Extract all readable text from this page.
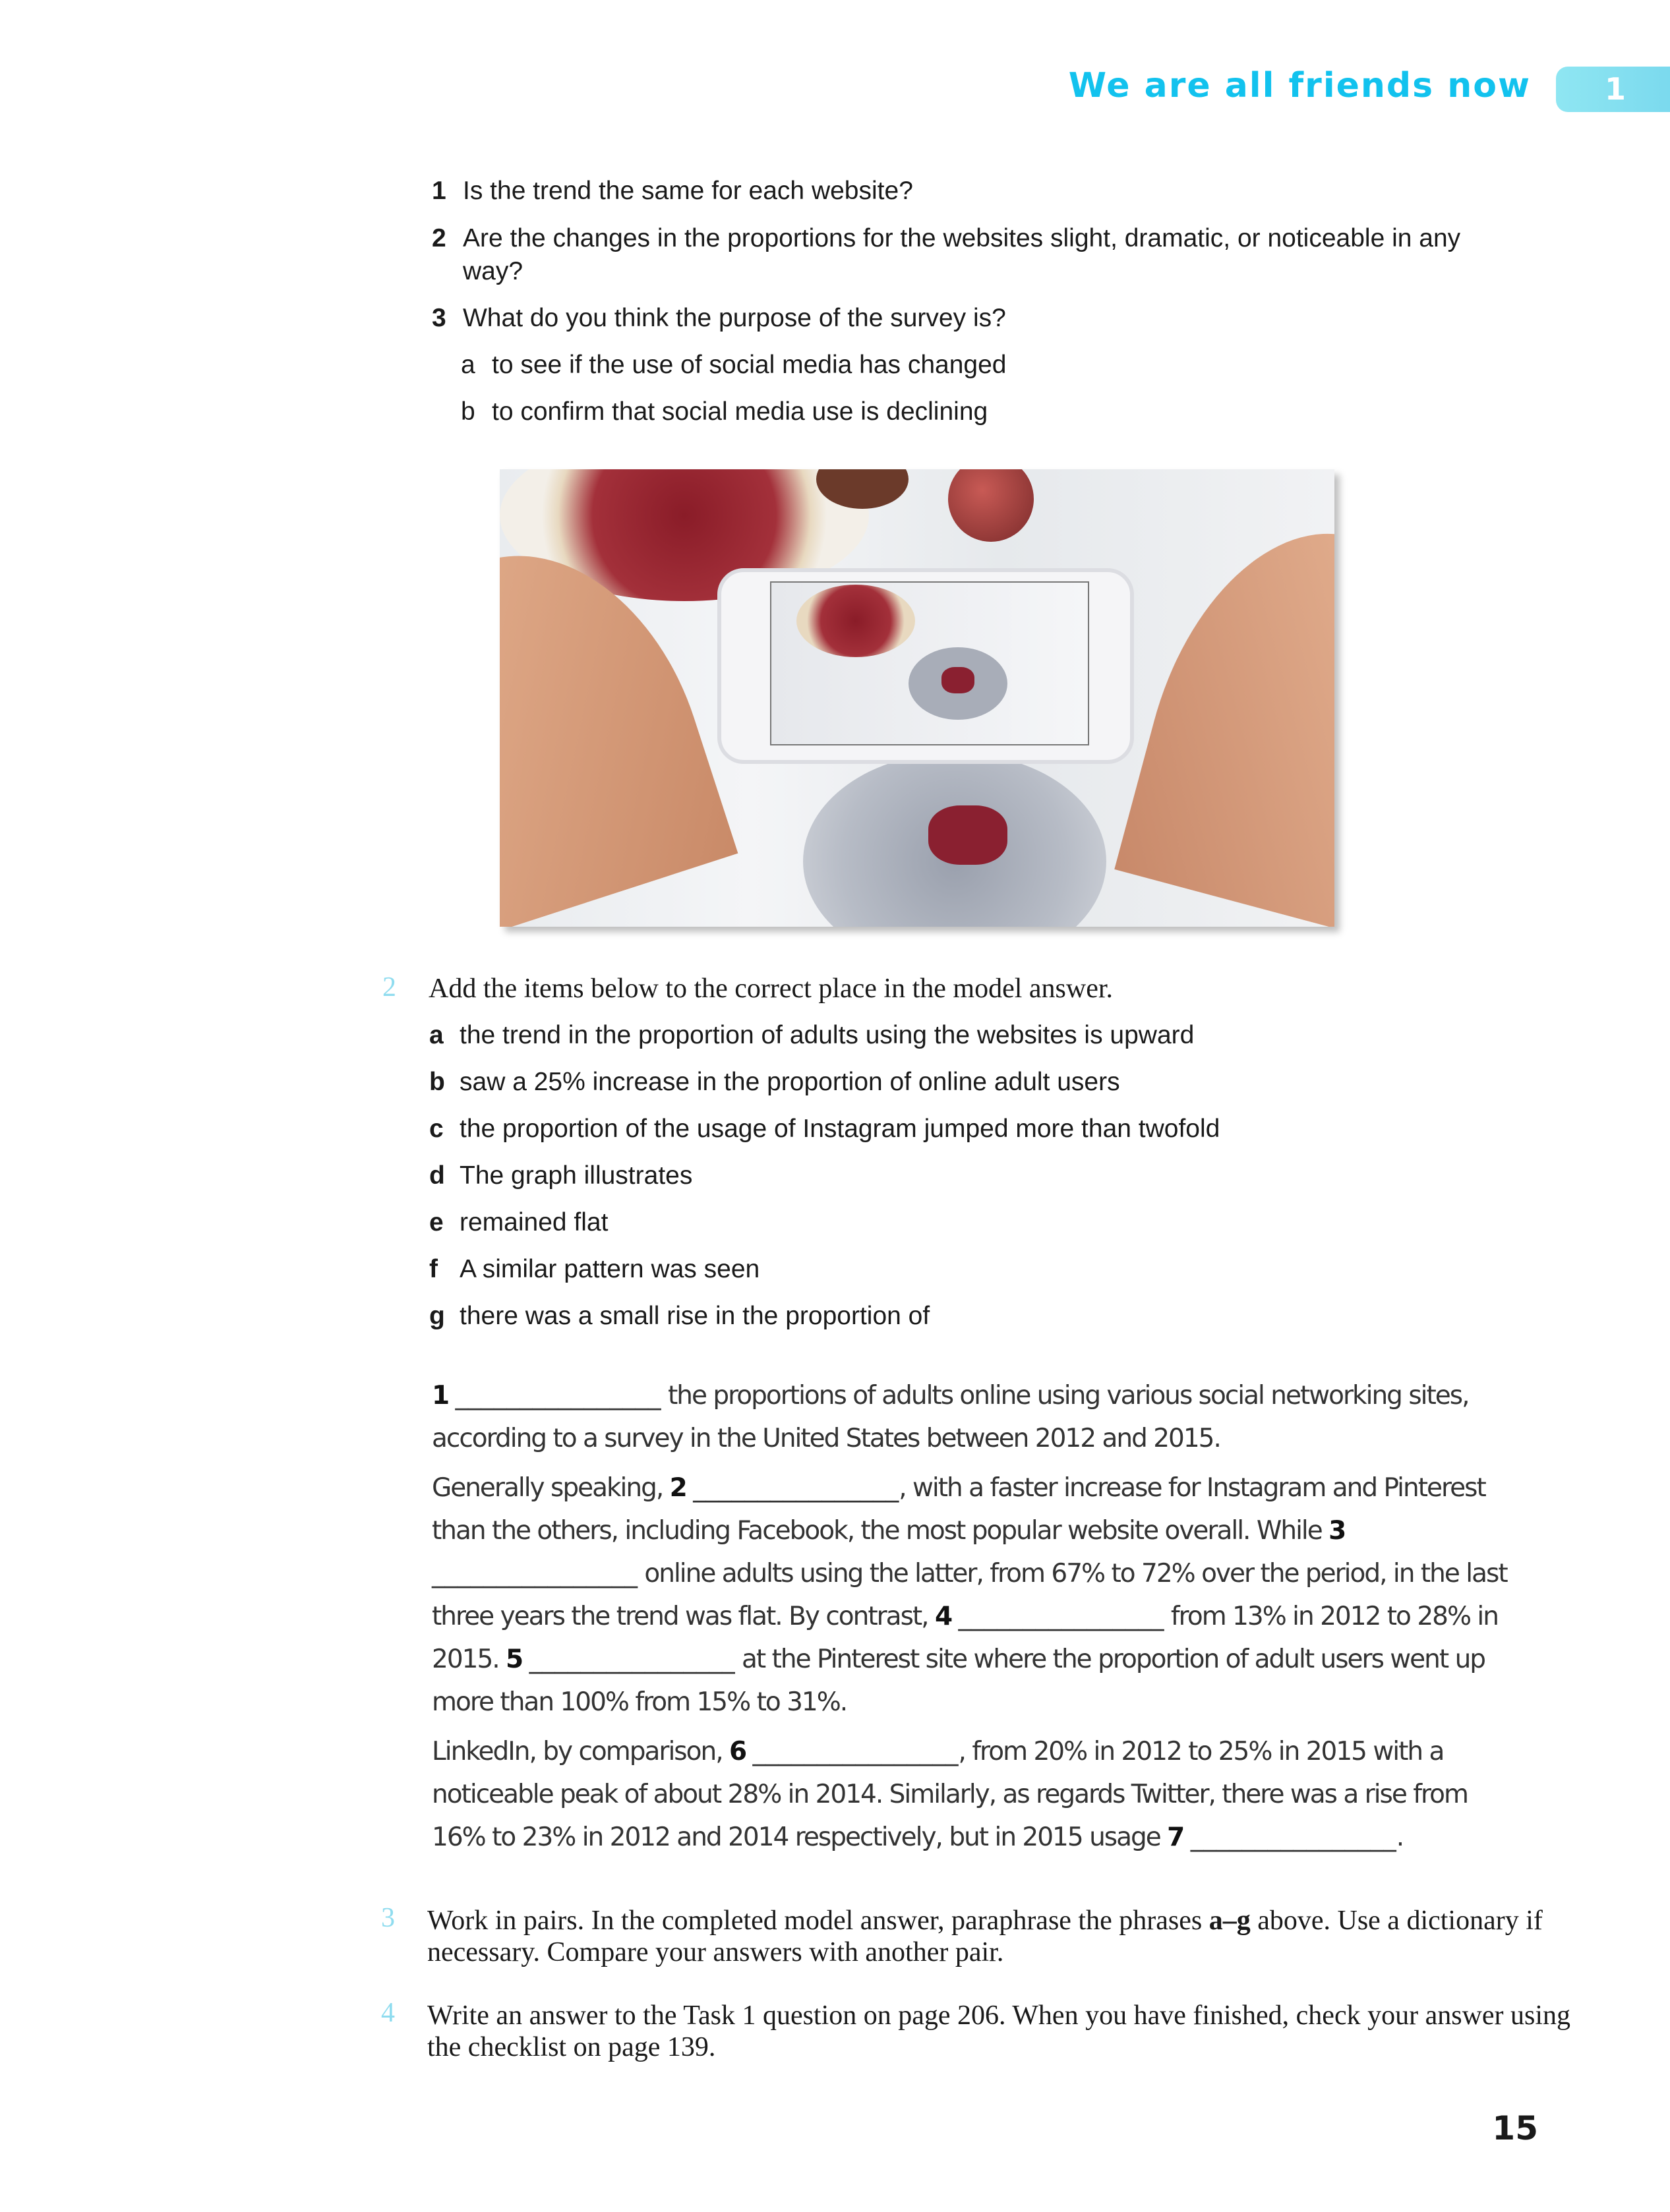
We are all friends now	1
1 Is the trend the same for each website?
2 Are the changes in the proportions for the websites slight, dramatic, or noticeable in any way?
3 What do you think the purpose of the survey is?
a to see if the use of social media has changed
b to confirm that social media use is declining
2 Add the items below to the correct place in the model answer.
a the trend in the proportion of adults using the websites is upward
b saw a 25% increase in the proportion of online adult users
c the proportion of the usage of Instagram jumped more than twofold
d The graph illustrates
e remained flat
f A similar pattern was seen
g there was a small rise in the proportion of

1 ________________ the proportions of adults online using various social networking sites, according to a survey in the United States between 2012 and 2015.

Generally speaking, 2 ________________, with a faster increase for Instagram and Pinterest than the others, including Facebook, the most popular website overall. While 3 ________________ online adults using the latter, from 67% to 72% over the period, in the last three years the trend was flat. By contrast, 4 ________________ from 13% in 2012 to 28% in 2015. 5 ________________ at the Pinterest site where the proportion of adult users went up more than 100% from 15% to 31%.

LinkedIn, by comparison, 6 ________________, from 20% in 2012 to 25% in 2015 with a noticeable peak of about 28% in 2014. Similarly, as regards Twitter, there was a rise from 16% to 23% in 2012 and 2014 respectively, but in 2015 usage 7 ________________.

3 Work in pairs. In the completed model answer, paraphrase the phrases a–g above. Use a dictionary if necessary. Compare your answers with another pair.
4 Write an answer to the Task 1 question on page 206. When you have finished, check your answer using the checklist on page 139.
15
